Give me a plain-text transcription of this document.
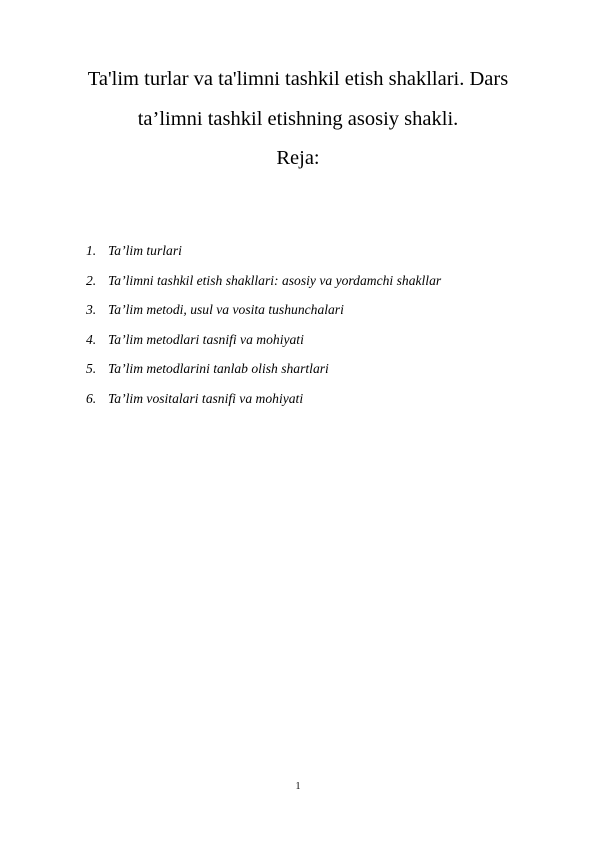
Ta'lim turlar va ta'limni tashkil etish shakllari. Dars
ta’limni tashkil etishning asosiy shakli.
Reja:
1. Ta’lim turlari
2. Ta’limni tashkil etish shakllari: asosiy va yordamchi shakllar
3. Ta’lim metodi, usul va vosita tushunchalari
4. Ta’lim metodlari tasnifi va mohiyati
5. Ta’lim metodlarini tanlab olish shartlari
6. Ta’lim vositalari tasnifi va mohiyati
1
